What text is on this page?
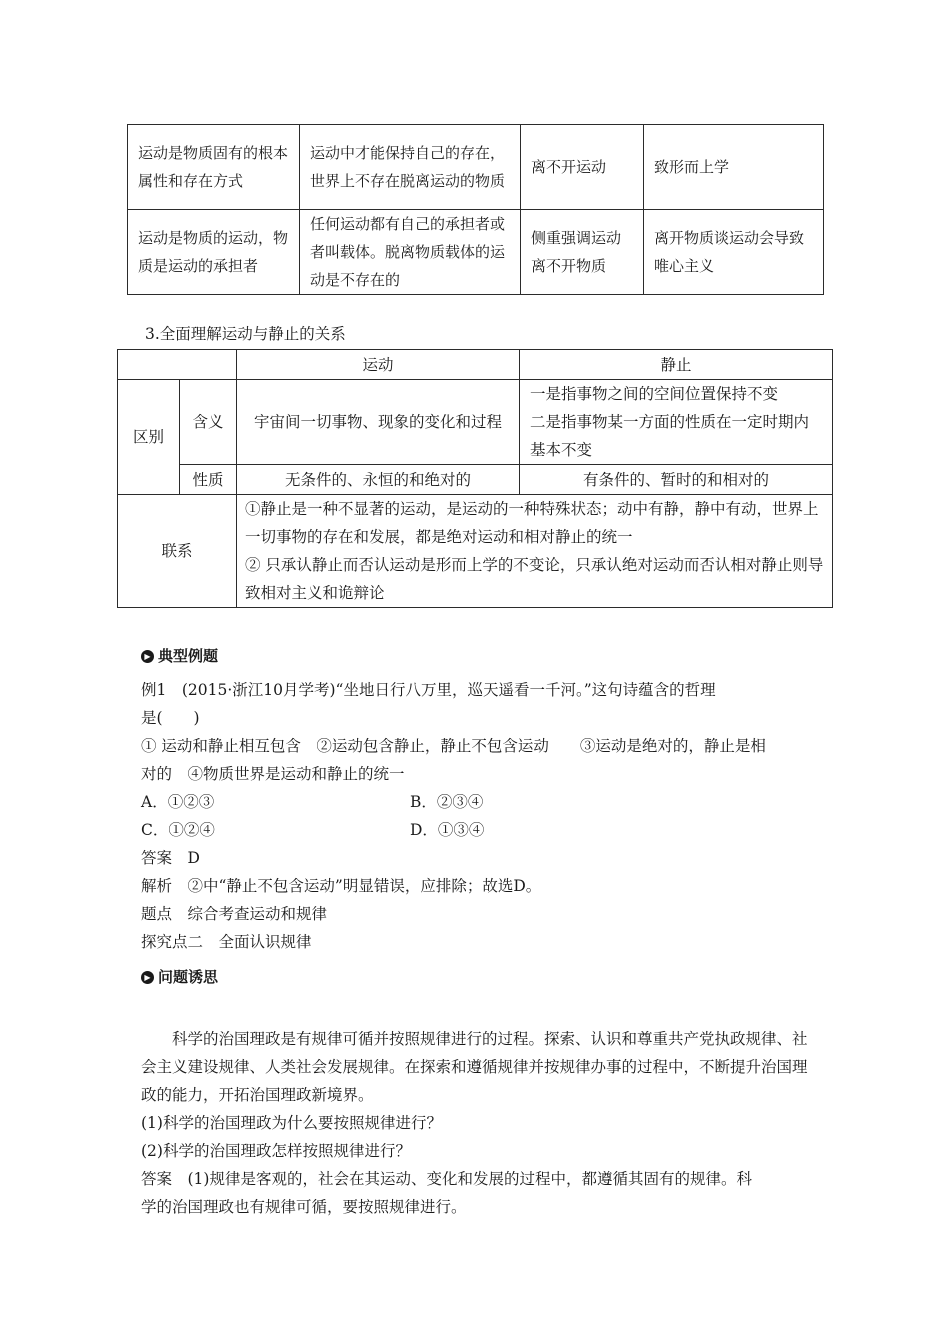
运动是物质固有的根本属性和存在方式	运动中才能保持自己的存在，世界上不存在脱离运动的物质	离不开运动	致形而上学
运动是物质的运动，物质是运动的承担者	任何运动都有自己的承担者或者叫载体。脱离物质载体的运动是不存在的	侧重强调运动离不开物质	离开物质谈运动会导致唯心主义
3.全面理解运动与静止的关系
		运动	静止
区别	含义	宇宙间一切事物、现象的变化和过程	一是指事物之间的空间位置保持不变
二是指事物某一方面的性质在一定时期内基本不变

	性质	无条件的、永恒的和绝对的	有条件的、暂时的和相对的
联系		①静止是一种不显著的运动，是运动的一种特殊状态；动中有静，静中有动，世界上一切事物的存在和发展，都是绝对运动和相对静止的统一
② 只承认静止而否认运动是形而上学的不变论，只承认绝对运动而否认相对静止则导致相对主义和诡辩论	
▶ 典型例题
例1　(2015·浙江10月学考)“坐地日行八万里，巡天遥看一千河。”这句诗蕴含的哲理
是(　　)
① 运动和静止相互包含　②运动包含静止，静止不包含运动　　③运动是绝对的，静止是相
对的　④物质世界是运动和静止的统一
A．①②③	B．②③④
C．①②④	D．①③④
答案　D
解析　②中“静止不包含运动”明显错误，应排除；故选D。
题点　综合考查运动和规律
探究点二　全面认识规律
▶ 问题诱思
科学的治国理政是有规律可循并按照规律进行的过程。探索、认识和尊重共产党执政规律、社会主义建设规律、人类社会发展规律。在探索和遵循规律并按规律办事的过程中，不断提升治国理政的能力，开拓治国理政新境界。
(1)科学的治国理政为什么要按照规律进行？
(2)科学的治国理政怎样按照规律进行？
答案　(1)规律是客观的，社会在其运动、变化和发展的过程中，都遵循其固有的规律。科
学的治国理政也有规律可循，要按照规律进行。
